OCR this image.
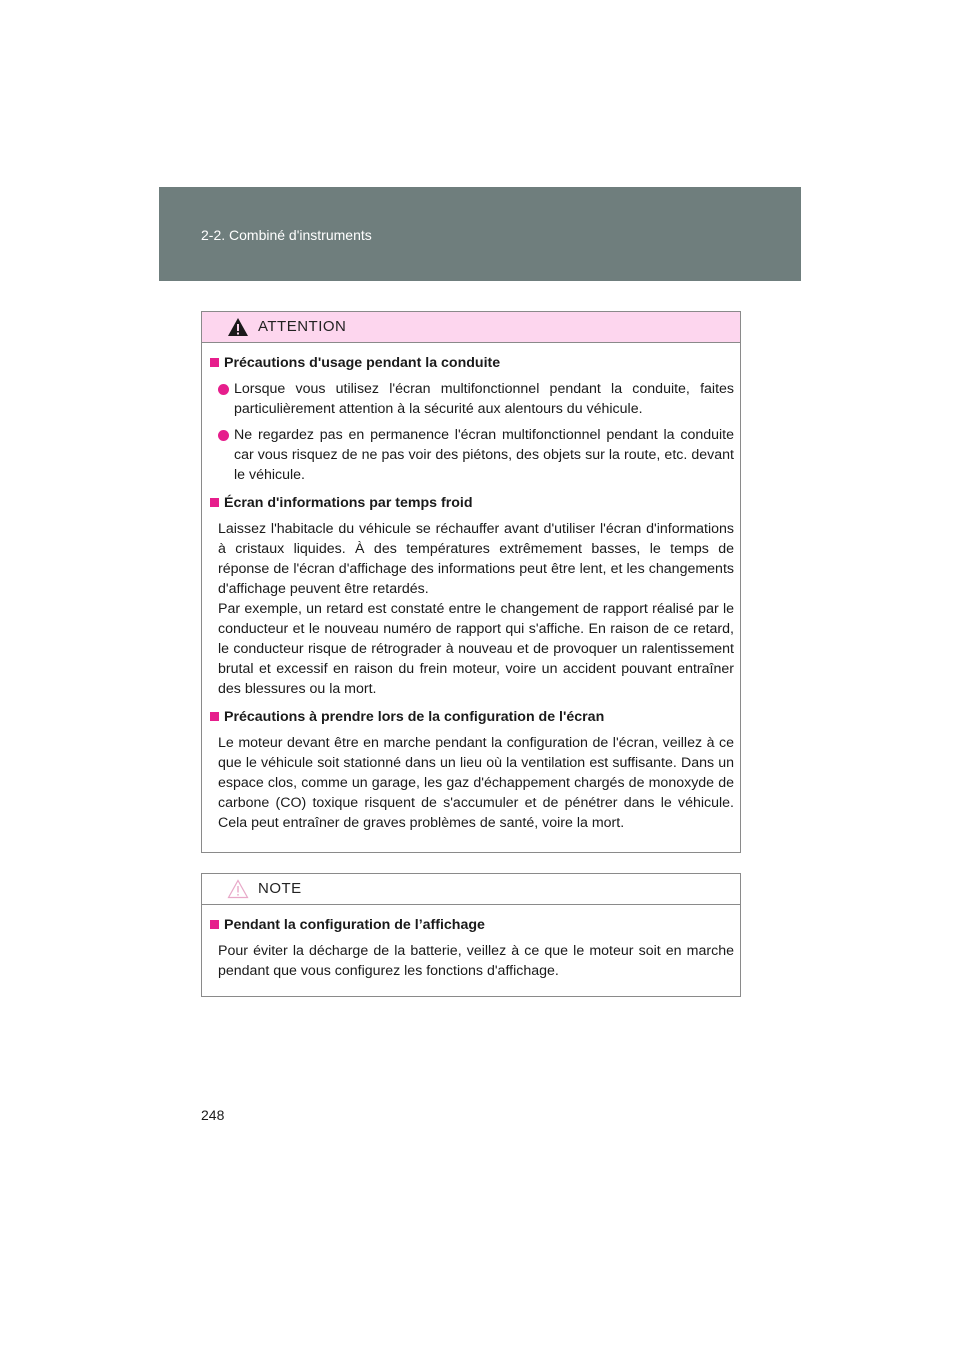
2-2. Combiné d'instruments
ATTENTION
Précautions d'usage pendant la conduite
Lorsque vous utilisez l'écran multifonctionnel pendant la conduite, faites particulièrement attention à la sécurité aux alentours du véhicule.
Ne regardez pas en permanence l'écran multifonctionnel pendant la conduite car vous risquez de ne pas voir des piétons, des objets sur la route, etc. devant le véhicule.
Écran d'informations par temps froid

Laissez l'habitacle du véhicule se réchauffer avant d'utiliser l'écran d'informations à cristaux liquides. À des températures extrêmement basses, le temps de réponse de l'écran d'affichage des informations peut être lent, et les changements d'affichage peuvent être retardés.

Par exemple, un retard est constaté entre le changement de rapport réalisé par le conducteur et le nouveau numéro de rapport qui s'affiche. En raison de ce retard, le conducteur risque de rétrograder à nouveau et de provoquer un ralentissement brutal et excessif en raison du frein moteur, voire un accident pouvant entraîner des blessures ou la mort.

Précautions à prendre lors de la configuration de l'écran

Le moteur devant être en marche pendant la configuration de l'écran, veillez à ce que le véhicule soit stationné dans un lieu où la ventilation est suffisante. Dans un espace clos, comme un garage, les gaz d'échappement chargés de monoxyde de carbone (CO) toxique risquent de s'accumuler et de pénétrer dans le véhicule. Cela peut entraîner de graves problèmes de santé, voire la mort.

NOTE
Pendant la configuration de l’affichage

Pour éviter la décharge de la batterie, veillez à ce que le moteur soit en marche pendant que vous configurez les fonctions d'affichage.

248
